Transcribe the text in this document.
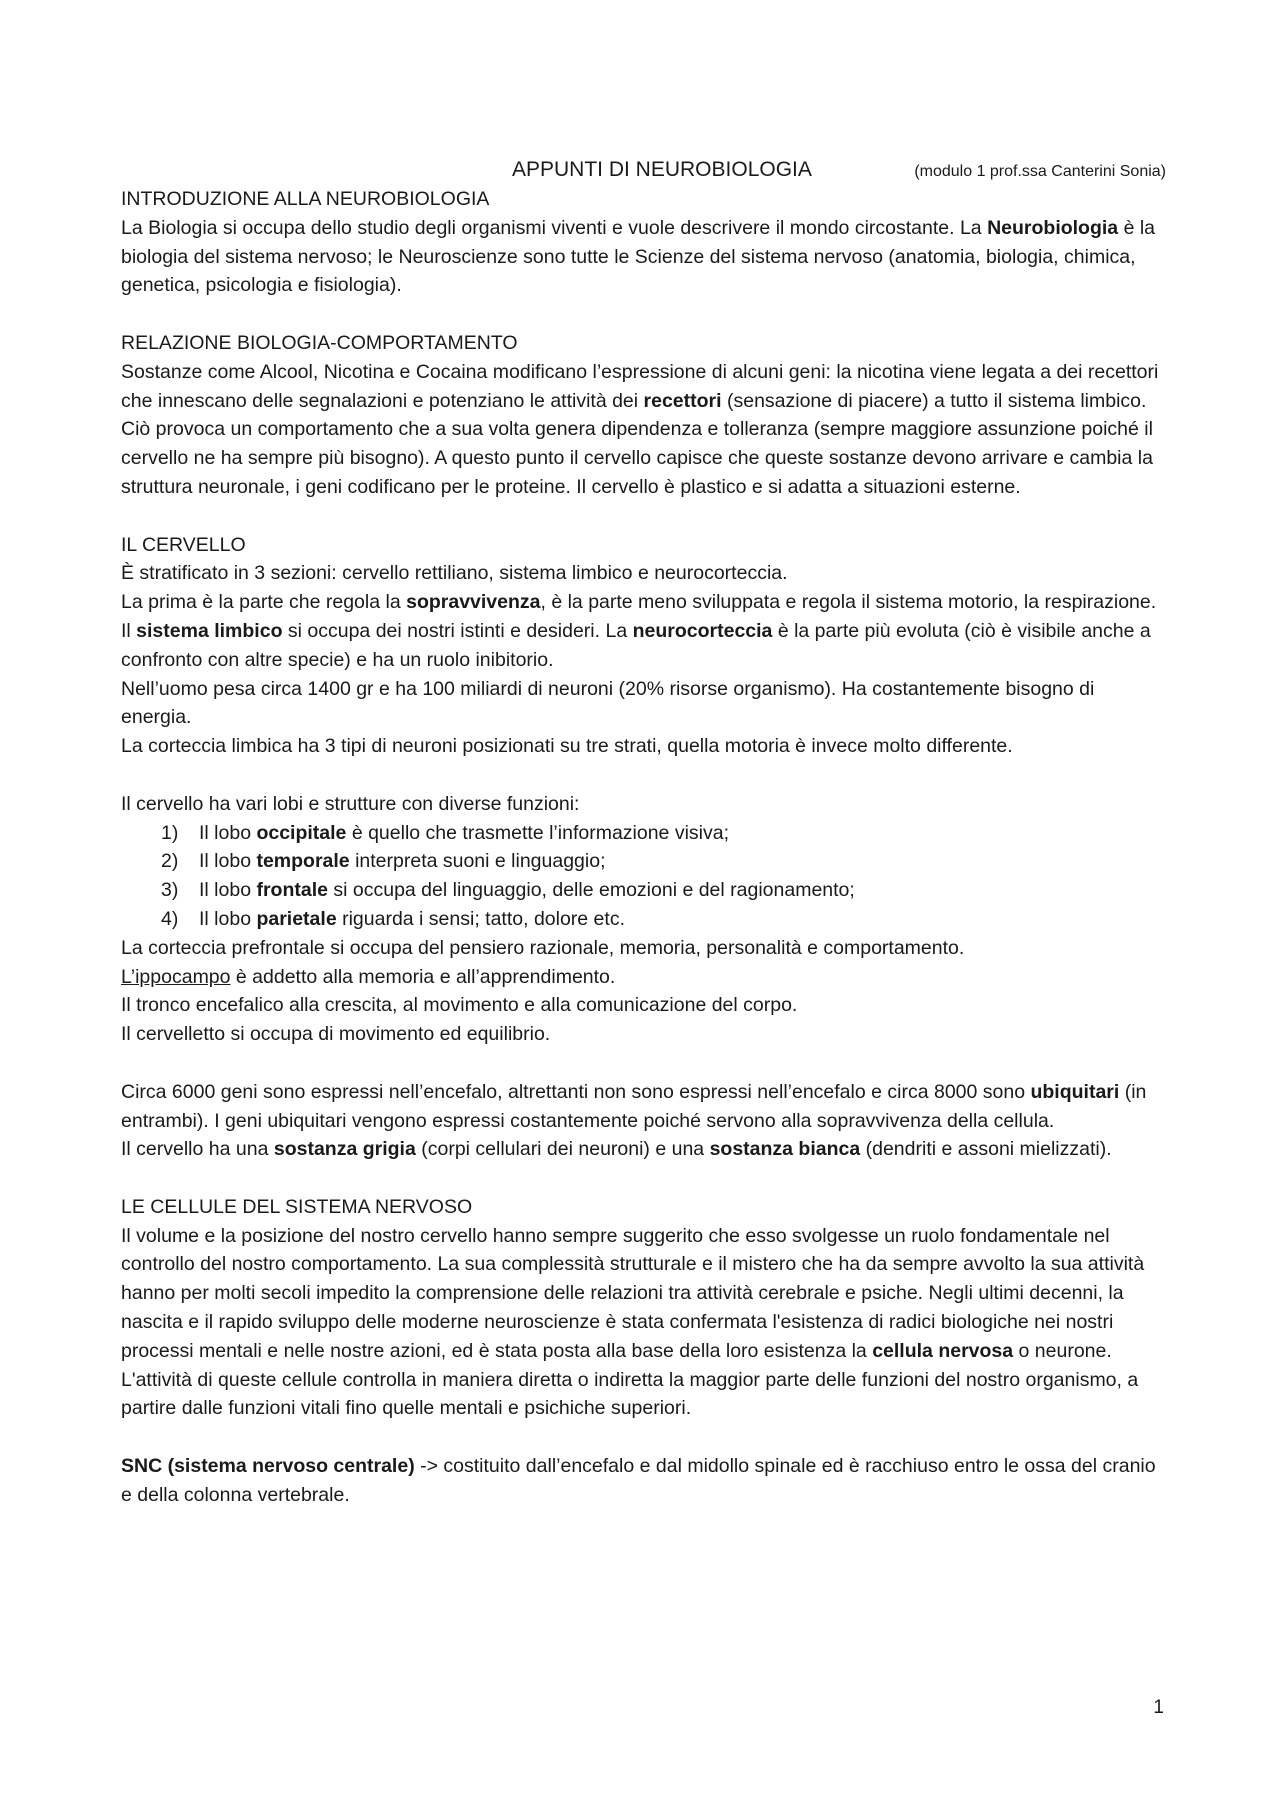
APPUNTI DI NEUROBIOLOGIA	(modulo 1 prof.ssa Canterini Sonia)

INTRODUZIONE ALLA NEUROBIOLOGIA

La Biologia si occupa dello studio degli organismi viventi e vuole descrivere il mondo circostante. La Neurobiologia è la biologia del sistema nervoso; le Neuroscienze sono tutte le Scienze del sistema nervoso (anatomia, biologia, chimica, genetica, psicologia e fisiologia).

RELAZIONE BIOLOGIA-COMPORTAMENTO

Sostanze come Alcool, Nicotina e Cocaina modificano l’espressione di alcuni geni: la nicotina viene legata a dei recettori che innescano delle segnalazioni e potenziano le attività dei recettori (sensazione di piacere) a tutto il sistema limbico. Ciò provoca un comportamento che a sua volta genera dipendenza e tolleranza (sempre maggiore assunzione poiché il cervello ne ha sempre più bisogno). A questo punto il cervello capisce che queste sostanze devono arrivare e cambia la struttura neuronale, i geni codificano per le proteine. Il cervello è plastico e si adatta a situazioni esterne.

IL CERVELLO

È stratificato in 3 sezioni: cervello rettiliano, sistema limbico e neurocorteccia.

La prima è la parte che regola la sopravvivenza, è la parte meno sviluppata e regola il sistema motorio, la respirazione. Il sistema limbico si occupa dei nostri istinti e desideri. La neurocorteccia è la parte più evoluta (ciò è visibile anche a confronto con altre specie) e ha un ruolo inibitorio.

Nell’uomo pesa circa 1400 gr e ha 100 miliardi di neuroni (20% risorse organismo). Ha costantemente bisogno di energia.

La corteccia limbica ha 3 tipi di neuroni posizionati su tre strati, quella motoria è invece molto differente.

Il cervello ha vari lobi e strutture con diverse funzioni:

1) Il lobo occipitale è quello che trasmette l’informazione visiva;
2) Il lobo temporale interpreta suoni e linguaggio;
3) Il lobo frontale si occupa del linguaggio, delle emozioni e del ragionamento;
4) Il lobo parietale riguarda i sensi; tatto, dolore etc.

La corteccia prefrontale si occupa del pensiero razionale, memoria, personalità e comportamento.

L’ippocampo è addetto alla memoria e all’apprendimento.

Il tronco encefalico alla crescita, al movimento e alla comunicazione del corpo.

Il cervelletto si occupa di movimento ed equilibrio.

Circa 6000 geni sono espressi nell’encefalo, altrettanti non sono espressi nell’encefalo e circa 8000 sono ubiquitari (in entrambi). I geni ubiquitari vengono espressi costantemente poiché servono alla sopravvivenza della cellula.

Il cervello ha una sostanza grigia (corpi cellulari dei neuroni) e una sostanza bianca (dendriti e assoni mielizzati).

LE CELLULE DEL SISTEMA NERVOSO

Il volume e la posizione del nostro cervello hanno sempre suggerito che esso svolgesse un ruolo fondamentale nel controllo del nostro comportamento. La sua complessità strutturale e il mistero che ha da sempre avvolto la sua attività hanno per molti secoli impedito la comprensione delle relazioni tra attività cerebrale e psiche. Negli ultimi decenni, la nascita e il rapido sviluppo delle moderne neuroscienze è stata confermata l'esistenza di radici biologiche nei nostri processi mentali e nelle nostre azioni, ed è stata posta alla base della loro esistenza la cellula nervosa o neurone. L'attività di queste cellule controlla in maniera diretta o indiretta la maggior parte delle funzioni del nostro organismo, a partire dalle funzioni vitali fino quelle mentali e psichiche superiori.

SNC (sistema nervoso centrale) -> costituito dall’encefalo e dal midollo spinale ed è racchiuso entro le ossa del cranio e della colonna vertebrale.

1
